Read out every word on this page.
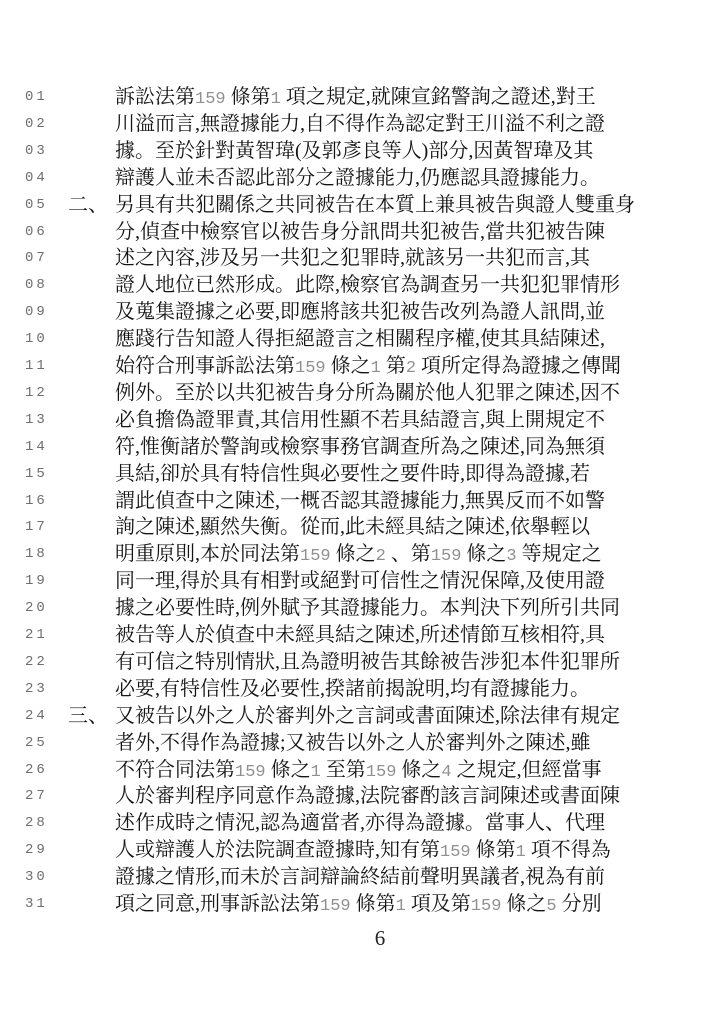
01	訴訟法第159 條第1 項之規定,就陳宣銘警詢之證述,對王
02	川溢而言,無證據能力,自不得作為認定對王川溢不利之證
03	據。至於針對黃智瑋(及郭彥良等人)部分,因黃智瑋及其
04	辯護人並未否認此部分之證據能力,仍應認具證據能力。
05 二、 另具有共犯關係之共同被告在本質上兼具被告與證人雙重身
06	分,偵查中檢察官以被告身分訊問共犯被告,當共犯被告陳
07	述之內容,涉及另一共犯之犯罪時,就該另一共犯而言,其
08	證人地位已然形成。此際,檢察官為調查另一共犯犯罪情形
09	及蒐集證據之必要,即應將該共犯被告改列為證人訊問,並
10	應踐行告知證人得拒絕證言之相關程序權,使其具結陳述,
11	始符合刑事訴訟法第159 條之1 第2 項所定得為證據之傳聞
12	例外。至於以共犯被告身分所為關於他人犯罪之陳述,因不
13	必負擔偽證罪責,其信用性顯不若具結證言,與上開規定不
14	符,惟衡諸於警詢或檢察事務官調查所為之陳述,同為無須
15	具結,卻於具有特信性與必要性之要件時,即得為證據,若
16	謂此偵查中之陳述,一概否認其證據能力,無異反而不如警
17	詢之陳述,顯然失衡。從而,此未經具結之陳述,依舉輕以
18	明重原則,本於同法第159 條之2 、第159 條之3 等規定之
19	同一理,得於具有相對或絕對可信性之情況保障,及使用證
20	據之必要性時,例外賦予其證據能力。本判決下列所引共同
21	被告等人於偵查中未經具結之陳述,所述情節互核相符,具
22	有可信之特別情狀,且為證明被告其餘被告涉犯本件犯罪所
23	必要,有特信性及必要性,揆諸前揭說明,均有證據能力。
24 三、 又被告以外之人於審判外之言詞或書面陳述,除法律有規定
25	者外,不得作為證據;又被告以外之人於審判外之陳述,雖
26	不符合同法第159 條之1 至第159 條之4 之規定,但經當事
27	人於審判程序同意作為證據,法院審酌該言詞陳述或書面陳
28	述作成時之情況,認為適當者,亦得為證據。當事人、代理
29	人或辯護人於法院調查證據時,知有第159 條第1 項不得為
30	證據之情形,而未於言詞辯論終結前聲明異議者,視為有前
31	項之同意,刑事訴訟法第159 條第1 項及第159 條之5 分別
6
